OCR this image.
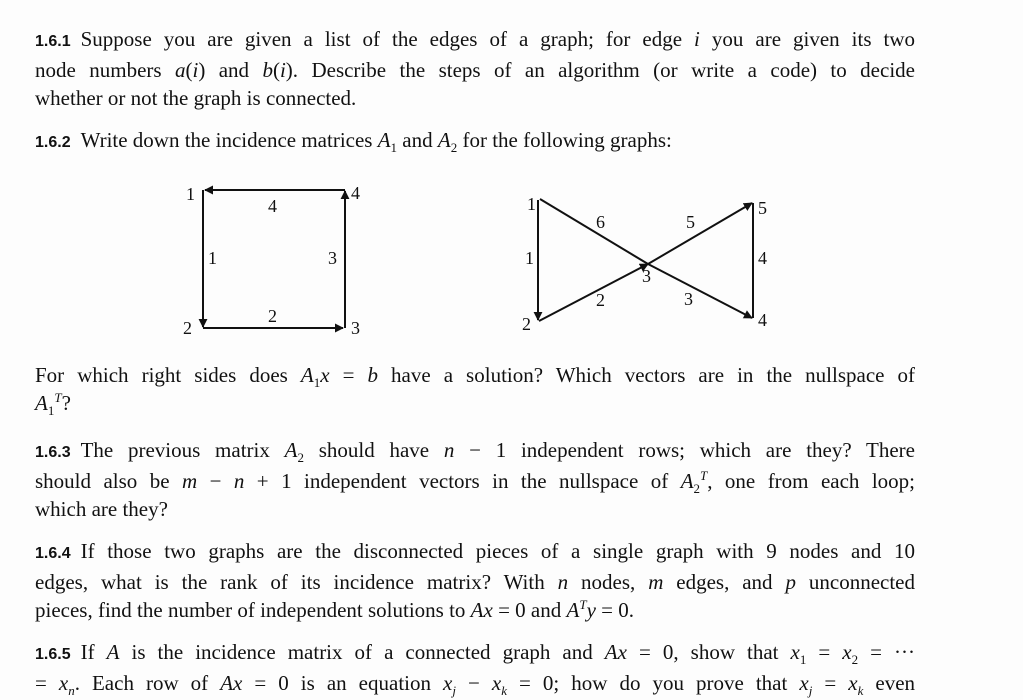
1.6.1 Suppose you are given a list of the edges of a graph; for edge i you are given its two
node numbers a(i) and b(i). Describe the steps of an algorithm (or write a code) to decide
whether or not the graph is connected.

1.6.2 Write down the incidence matrices $A_1$ and $A_2$ for the following graphs:

1
2	3
4
1
2
3
4	1
2
3
4
5
1
2	3
4
5
6

For which right sides does $A_1x = b$ have a solution? Which vectors are in the nullspace of
$A_1^T$?

1.6.3 The previous matrix $A_2$ should have n − 1 independent rows; which are they? There
should also be m − n + 1 independent vectors in the nullspace of $A_2^T$, one from each loop;
which are they?

1.6.4 If those two graphs are the disconnected pieces of a single graph with 9 nodes and 10
edges, what is the rank of its incidence matrix? With n nodes, m edges, and p unconnected
pieces, find the number of independent solutions to Ax = 0 and $A^Ty = 0$.

1.6.5 If A is the incidence matrix of a connected graph and Ax = 0, show that $x_1 = x_2$ = ···
= $x_n$. Each row of Ax = 0 is an equation $x_j - x_k = 0$; how do you prove that $x_j = x_k$ even
